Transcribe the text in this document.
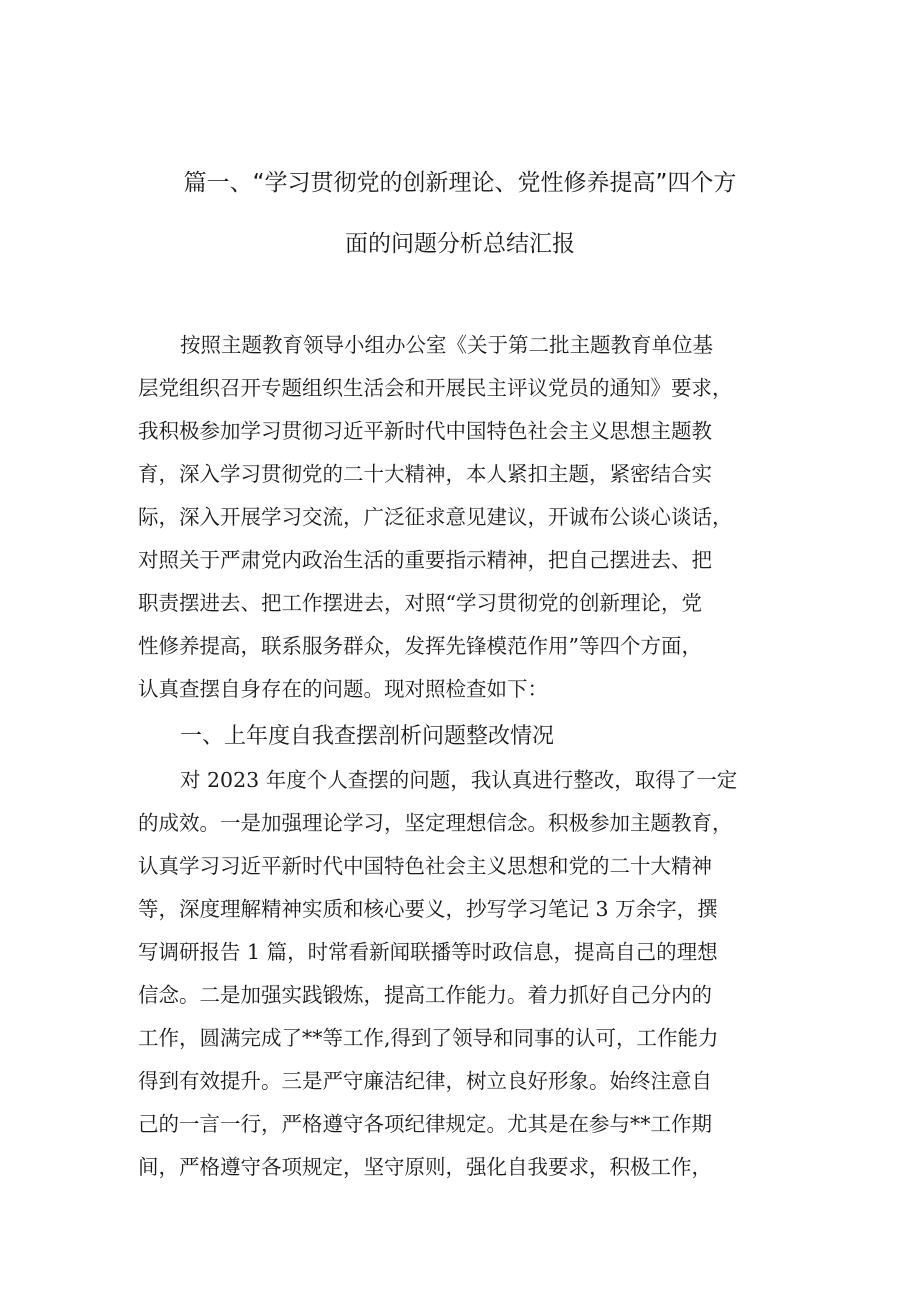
篇一、“学习贯彻党的创新理论、党性修养提高”四个方
面的问题分析总结汇报
按照主题教育领导小组办公室《关于第二批主题教育单位基
层党组织召开专题组织生活会和开展民主评议党员的通知》要求，
我积极参加学习贯彻习近平新时代中国特色社会主义思想主题教
育，深入学习贯彻党的二十大精神，本人紧扣主题，紧密结合实
际，深入开展学习交流，广泛征求意见建议，开诚布公谈心谈话，
对照关于严肃党内政治生活的重要指示精神，把自己摆进去、把
职责摆进去、把工作摆进去，对照“学习贯彻党的创新理论，党
性修养提高，联系服务群众，发挥先锋模范作用”等四个方面，
认真查摆自身存在的问题。现对照检查如下：
一、上年度自我查摆剖析问题整改情况
对 2023 年度个人查摆的问题，我认真进行整改，取得了一定
的成效。一是加强理论学习，坚定理想信念。积极参加主题教育，
认真学习习近平新时代中国特色社会主义思想和党的二十大精神
等，深度理解精神实质和核心要义，抄写学习笔记 3 万余字，撰
写调研报告 1 篇，时常看新闻联播等时政信息，提高自己的理想
信念。二是加强实践锻炼，提高工作能力。着力抓好自己分内的
工作，圆满完成了**等工作,得到了领导和同事的认可，工作能力
得到有效提升。三是严守廉洁纪律，树立良好形象。始终注意自
己的一言一行，严格遵守各项纪律规定。尤其是在参与**工作期
间，严格遵守各项规定，坚守原则，强化自我要求，积极工作，
